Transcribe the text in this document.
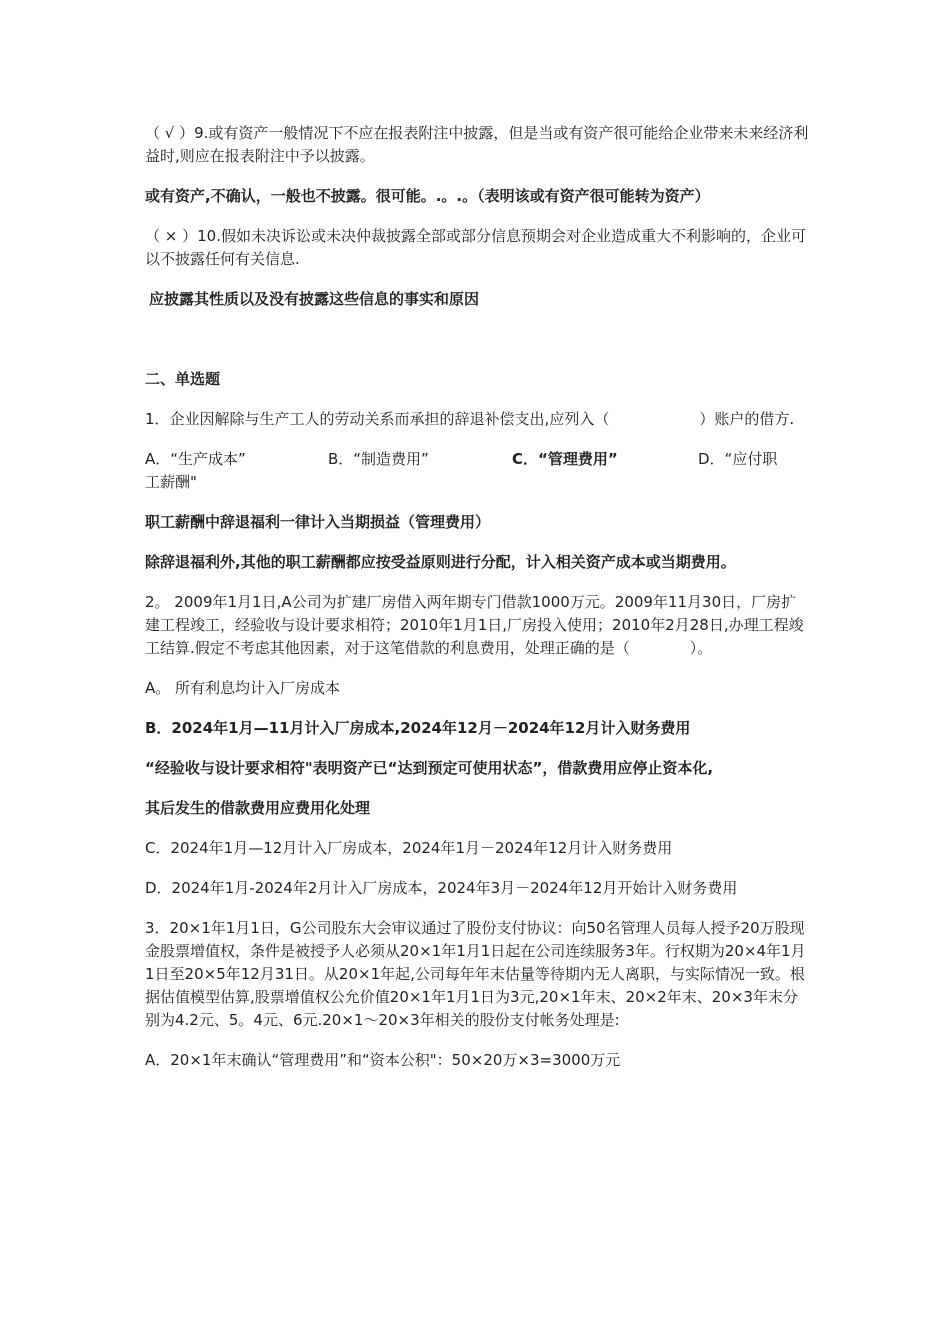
（ √ ）9.或有资产一般情况下不应在报表附注中披露，但是当或有资产很可能给企业带来未来经济利益时,则应在报表附注中予以披露。

或有资产,不确认，一般也不披露。很可能。.。.。（表明该或有资产很可能转为资产）

（ × ）10.假如未决诉讼或未决仲裁披露全部或部分信息预期会对企业造成重大不利影响的，企业可以不披露任何有关信息.

应披露其性质以及没有披露这些信息的事实和原因

二、单选题

1．企业因解除与生产工人的劳动关系而承担的辞退补偿支出,应列入（　　　　　　）账户的借方.

A．“生产成本”	B．“制造费用”	C．“管理费用”	D．“应付职
工薪酬"

职工薪酬中辞退福利一律计入当期损益（管理费用）

除辞退福利外,其他的职工薪酬都应按受益原则进行分配，计入相关资产成本或当期费用。

2。 2009年1月1日,A公司为扩建厂房借入两年期专门借款1000万元。2009年11月30日，厂房扩建工程竣工，经验收与设计要求相符；2010年1月1日,厂房投入使用；2010年2月28日,办理工程竣工结算.假定不考虑其他因素，对于这笔借款的利息费用，处理正确的是（　　　　）。

A。 所有利息均计入厂房成本

B．2024年1月—11月计入厂房成本,2024年12月－2024年12月计入财务费用

“经验收与设计要求相符"表明资产已“达到预定可使用状态”，借款费用应停止资本化,

其后发生的借款费用应费用化处理

C．2024年1月—12月计入厂房成本，2024年1月－2024年12月计入财务费用

D．2024年1月-2024年2月计入厂房成本，2024年3月－2024年12月开始计入财务费用

3．20×1年1月1日，G公司股东大会审议通过了股份支付协议：向50名管理人员每人授予20万股现金股票增值权，条件是被授予人必须从20×1年1月1日起在公司连续服务3年。行权期为20×4年1月1日至20×5年12月31日。从20×1年起,公司每年年末估量等待期内无人离职，与实际情况一致。根据估值模型估算,股票增值权公允价值20×1年1月1日为3元,20×1年末、20×2年末、20×3年末分别为4.2元、5。4元、6元.20×1～20×3年相关的股份支付帐务处理是:

A．20×1年末确认“管理费用”和“资本公积"：50×20万×3=3000万元
